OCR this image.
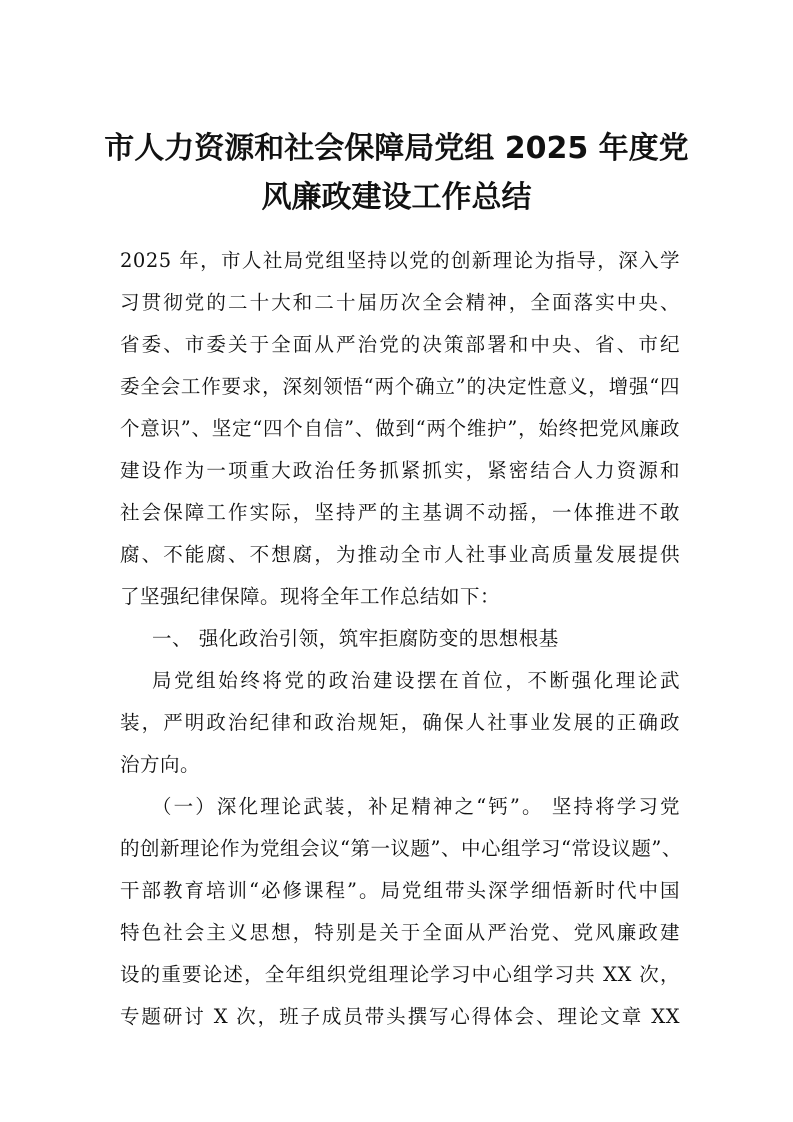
市人力资源和社会保障局党组 2025 年度党
风廉政建设工作总结
2025 年，市人社局党组坚持以党的创新理论为指导，深入学
习贯彻党的二十大和二十届历次全会精神，全面落实中央、
省委、市委关于全面从严治党的决策部署和中央、省、市纪
委全会工作要求，深刻领悟“两个确立”的决定性意义，增强“四
个意识”、坚定“四个自信”、做到“两个维护”，始终把党风廉政
建设作为一项重大政治任务抓紧抓实，紧密结合人力资源和
社会保障工作实际，坚持严的主基调不动摇，一体推进不敢
腐、不能腐、不想腐，为推动全市人社事业高质量发展提供
了坚强纪律保障。现将全年工作总结如下：
一、 强化政治引领，筑牢拒腐防变的思想根基
局党组始终将党的政治建设摆在首位，不断强化理论武
装，严明政治纪律和政治规矩，确保人社事业发展的正确政
治方向。
（一）深化理论武装，补足精神之“钙”。 坚持将学习党
的创新理论作为党组会议“第一议题”、中心组学习“常设议题”、
干部教育培训“必修课程”。局党组带头深学细悟新时代中国
特色社会主义思想，特别是关于全面从严治党、党风廉政建
设的重要论述，全年组织党组理论学习中心组学习共 XX 次，
专题研讨 X 次，班子成员带头撰写心得体会、理论文章 XX
